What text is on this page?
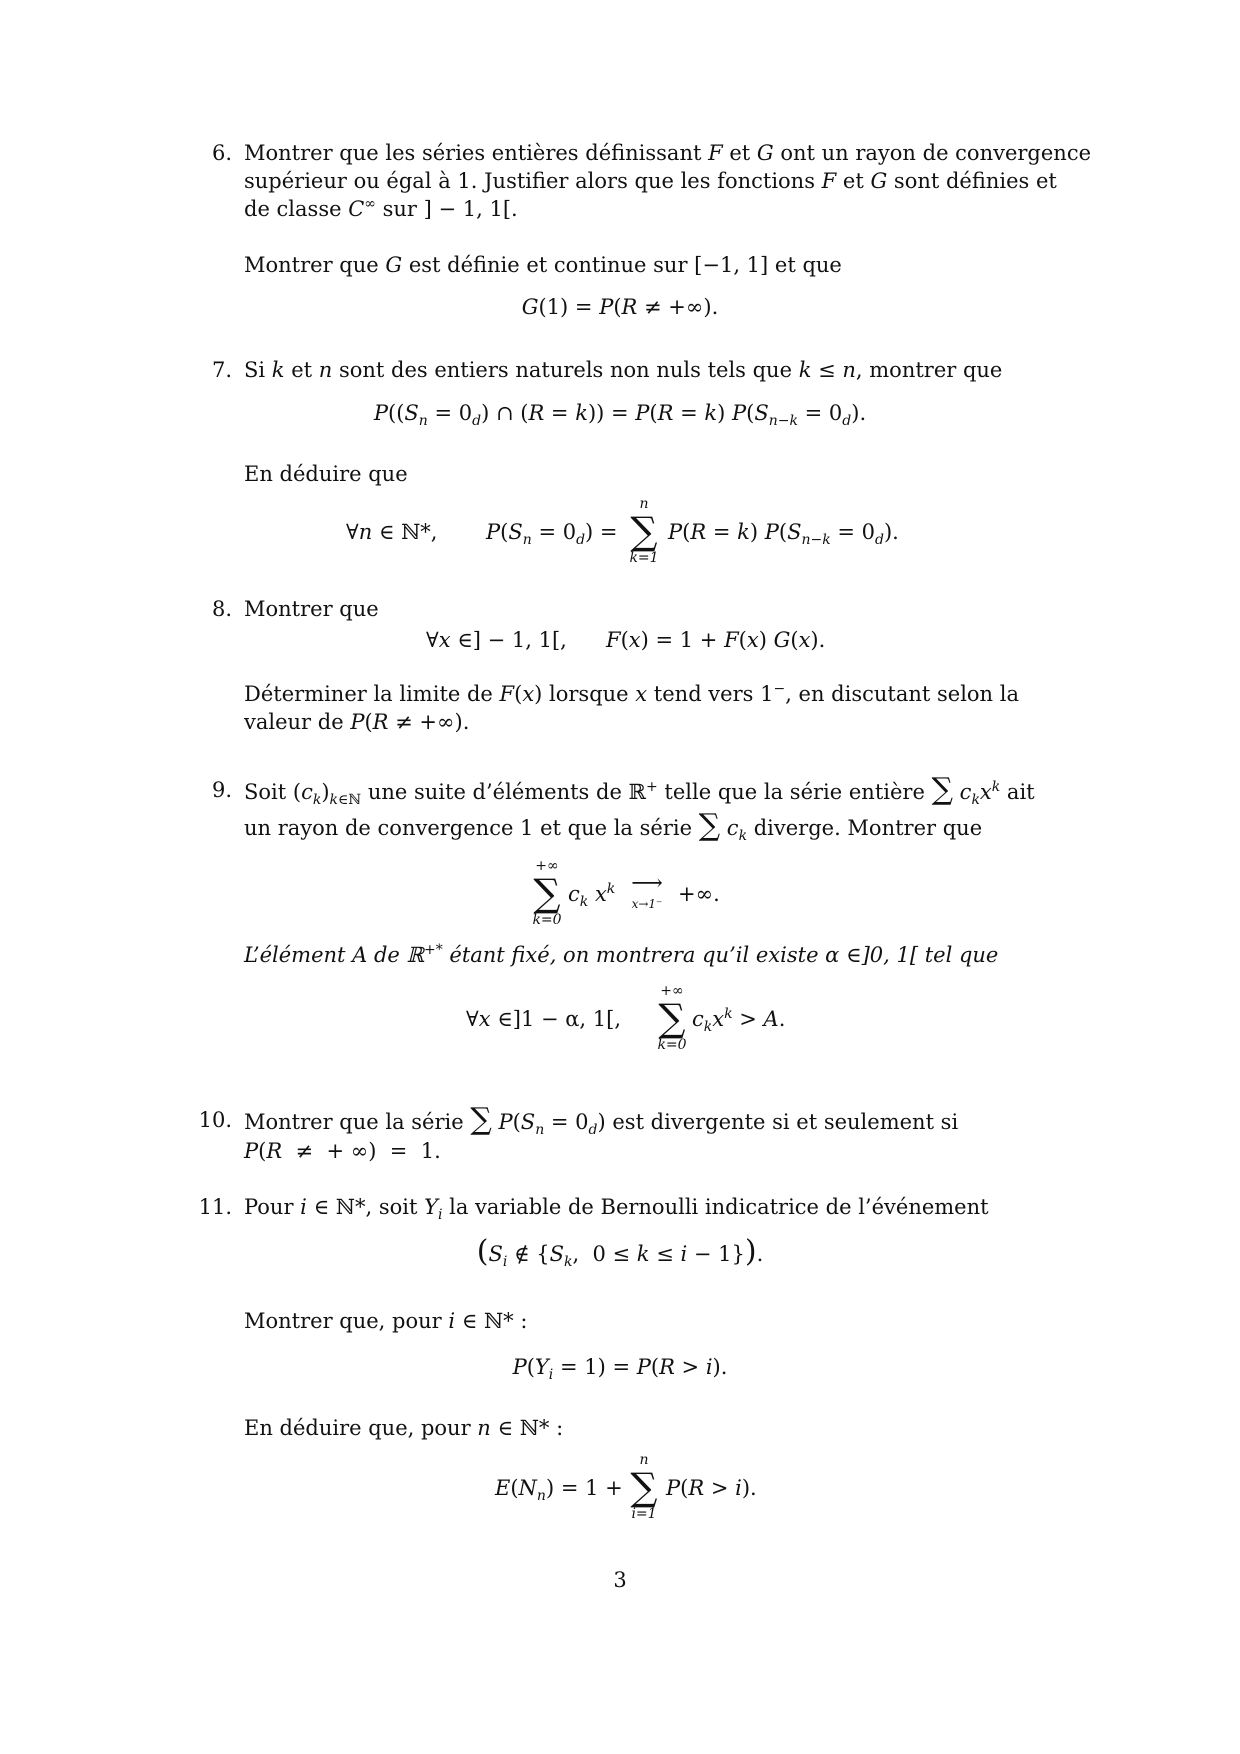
6. Montrer que les séries entières définissant F et G ont un rayon de convergence
supérieur ou égal à 1. Justifier alors que les fonctions F et G sont définies et
de classe C∞ sur ] − 1, 1[.
Montrer que G est définie et continue sur [−1, 1] et que
G(1) = P(R ≠ +∞).
7. Si k et n sont des entiers naturels non nuls tels que k ≤ n, montrer que
$P((S_n = 0_d)$ ∩ (R = k)) = P(R = k) $P(S_{n-k} = 0_d)$.
En déduire que
∀n ∈ ℕ*, $P(S_n = 0_d)$ =
n
∑
k=1
P(R = k) $P(S_{n-k} = 0_d)$.
8. Montrer que
∀x ∈] − 1, 1[, F(x) = 1 + F(x) G(x).
Déterminer la limite de F(x) lorsque x tend vers 1−, en discutant selon la
valeur de P(R ≠ +∞).
9. Soit $(c_k)_{k\in ℕ}$ une suite d’éléments de ℝ+ telle que la série entière ∑ $c_kx^k$ ait
un rayon de convergence 1 et que la série ∑ $c_k$ diverge. Montrer que
+∞
∑
k=0
$c_k$ $x^k$ ⟶
x→1⁻ +∞.
L’élément A de ℝ+* étant fixé, on montrera qu’il existe α ∈]0, 1[ tel que
∀x ∈]1 − α, 1[,
+∞
∑
k=0
$c_kx^k > A$.
10. Montrer que la série ∑ $P(S_n = 0_d)$ est divergente si et seulement si
P(R  ≠  + ∞)  =  1.
11. Pour i ∈ ℕ*, soit $Y_i$ la variable de Bernoulli indicatrice de l’événement
($S_i$ ∉ {$S_k$,  0 ≤ k ≤ i − 1}).
Montrer que, pour i ∈ ℕ* :
$P(Y_i = 1) = P(R > i)$.
En déduire que, pour n ∈ ℕ* :
$E(N_n) = 1$ +
n
∑
i=1
P(R > i).
3
